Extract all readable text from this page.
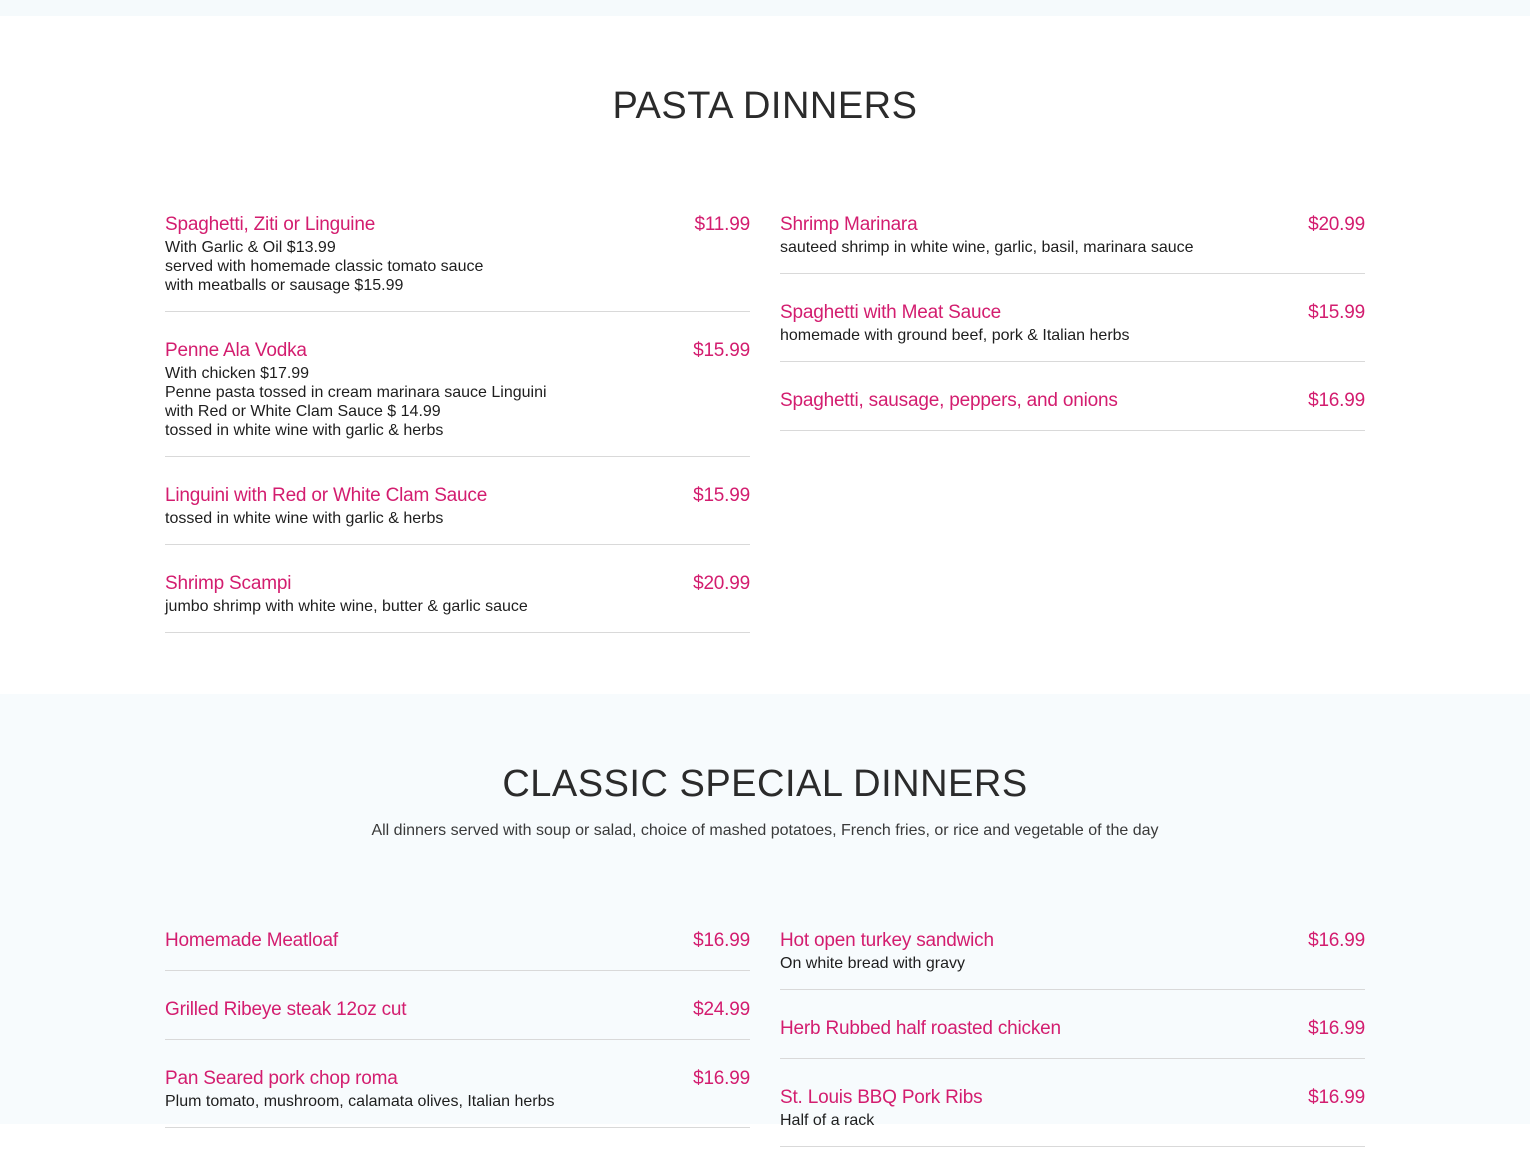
PASTA DINNERS
Spaghetti, Ziti or Linguine	$11.99
With Garlic & Oil $13.99
served with homemade classic tomato sauce
with meatballs or sausage $15.99
Penne Ala Vodka	$15.99
With chicken $17.99
Penne pasta tossed in cream marinara sauce Linguini
with Red or White Clam Sauce $ 14.99
tossed in white wine with garlic & herbs
Linguini with Red or White Clam Sauce	$15.99
tossed in white wine with garlic & herbs
Shrimp Scampi	$20.99
jumbo shrimp with white wine, butter & garlic sauce
Shrimp Marinara	$20.99
sauteed shrimp in white wine, garlic, basil, marinara sauce
Spaghetti with Meat Sauce	$15.99
homemade with ground beef, pork & Italian herbs
Spaghetti, sausage, peppers, and onions	$16.99
CLASSIC SPECIAL DINNERS

All dinners served with soup or salad, choice of mashed potatoes, French fries, or rice and vegetable of the day

Homemade Meatloaf	$16.99
Grilled Ribeye steak 12oz cut	$24.99
Pan Seared pork chop roma	$16.99
Plum tomato, mushroom, calamata olives, Italian herbs
Hot open turkey sandwich	$16.99
On white bread with gravy
Herb Rubbed half roasted chicken	$16.99
St. Louis BBQ Pork Ribs	$16.99
Half of a rack
